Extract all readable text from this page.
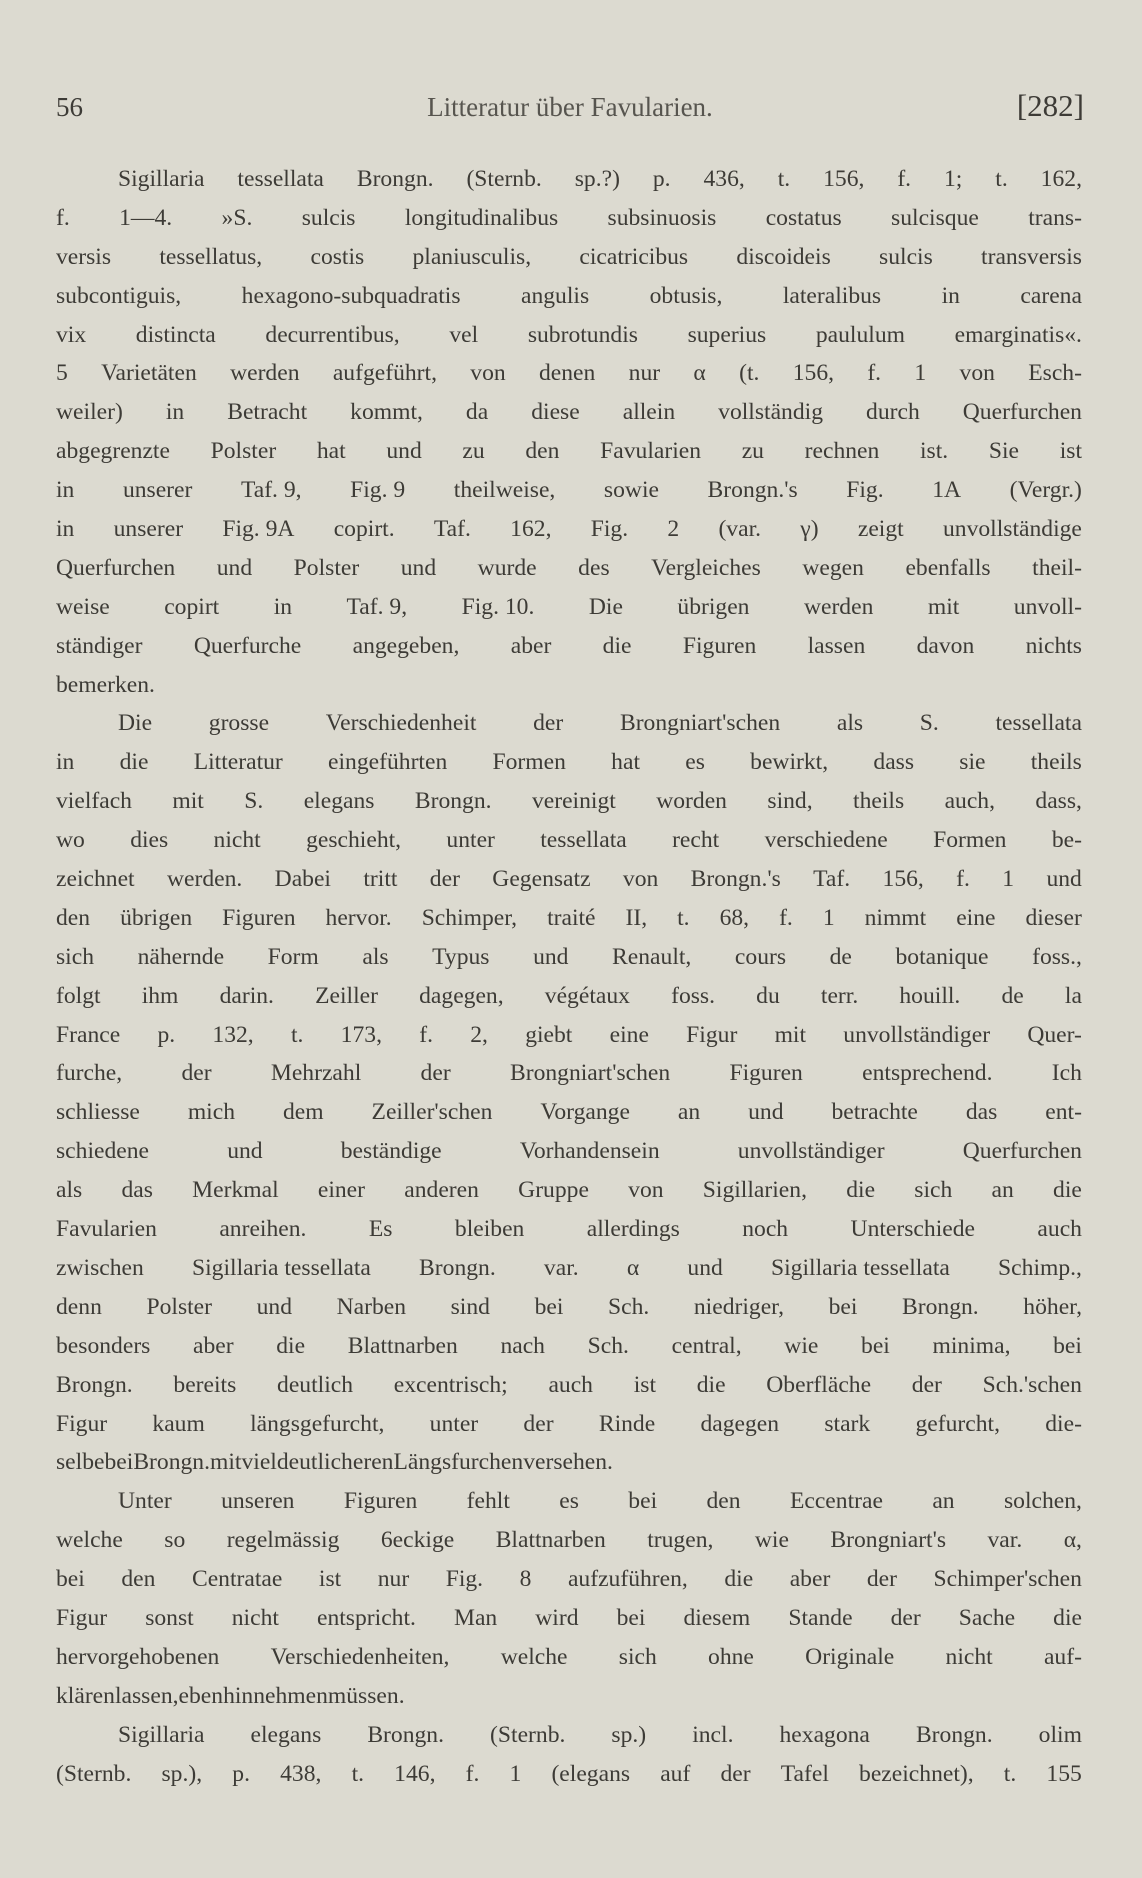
56	Litteratur über Favularien.	[282]
Sigillaria tessellata Brongn. (Sternb. sp.?) p. 436, t. 156, f. 1; t. 162,
f. 1—4. »S. sulcis longitudinalibus subsinuosis costatus sulcisque trans-
versis tessellatus, costis planiusculis, cicatricibus discoideis sulcis transversis
subcontiguis,	hexagono-subquadratis	angulis	obtusis,	lateralibus	in	carena
vix distincta decurrentibus, vel subrotundis superius paululum emarginatis«.
5 Varietäten werden aufgeführt, von denen nur α (t. 156, f. 1 von Esch-
weiler) in Betracht kommt, da diese allein vollständig durch Querfurchen
abgegrenzte Polster hat und zu den Favularien zu rechnen ist. Sie ist
in unserer Taf. 9, Fig. 9 theilweise, sowie Brongn.'s Fig. 1A (Vergr.)
in unserer Fig. 9A copirt. Taf. 162, Fig. 2 (var. γ) zeigt unvollständige
Querfurchen und Polster und wurde des Vergleiches wegen ebenfalls theil-
weise copirt in Taf. 9, Fig. 10. Die übrigen werden mit unvoll-
ständiger Querfurche angegeben, aber die Figuren lassen davon nichts
bemerken.
Die grosse Verschiedenheit der Brongniart'schen als S. tessellata
in die Litteratur eingeführten Formen hat es bewirkt, dass sie theils
vielfach mit S. elegans Brongn. vereinigt worden sind, theils auch, dass,
wo dies nicht geschieht, unter tessellata recht verschiedene Formen be-
zeichnet werden. Dabei tritt der Gegensatz von Brongn.'s Taf. 156, f. 1 und
den übrigen Figuren hervor. Schimper, traité II, t. 68, f. 1 nimmt eine dieser
sich nähernde Form als Typus und Renault, cours de botanique foss.,
folgt ihm darin. Zeiller dagegen, végétaux foss. du terr. houill. de la
France p. 132, t. 173, f. 2, giebt eine Figur mit unvollständiger Quer-
furche,	der	Mehrzahl	der	Brongniart'schen	Figuren	entsprechend.	Ich
schliesse mich dem Zeiller'schen Vorgange an und betrachte das ent-
schiedene	und	beständige	Vorhandensein	unvollständiger	Querfurchen
als das Merkmal einer anderen Gruppe von Sigillarien, die sich an die
Favularien	anreihen.	Es	bleiben	allerdings	noch	Unterschiede	auch
zwischen Sigillaria tessellata Brongn. var. α und Sigillaria tessellata Schimp.,
denn Polster und Narben sind bei Sch. niedriger, bei Brongn. höher,
besonders aber die Blattnarben nach Sch. central, wie bei minima, bei
Brongn. bereits deutlich excentrisch; auch ist die Oberfläche der Sch.'schen
Figur kaum längsgefurcht, unter der Rinde dagegen stark gefurcht, die-
selbe bei Brongn. mit viel deutlicheren Längsfurchen versehen.
Unter unseren Figuren fehlt es bei den Eccentrae an solchen,
welche so regelmässig 6eckige Blattnarben trugen, wie Brongniart's var. α,
bei den Centratae ist nur Fig. 8 aufzuführen, die aber der Schimper'schen
Figur sonst nicht entspricht. Man wird bei diesem Stande der Sache die
hervorgehobenen Verschiedenheiten, welche sich ohne Originale nicht auf-
klären lassen, eben hinnehmen müssen.
Sigillaria elegans Brongn. (Sternb. sp.) incl. hexagona Brongn. olim
(Sternb. sp.), p. 438, t. 146, f. 1 (elegans auf der Tafel bezeichnet), t. 155
